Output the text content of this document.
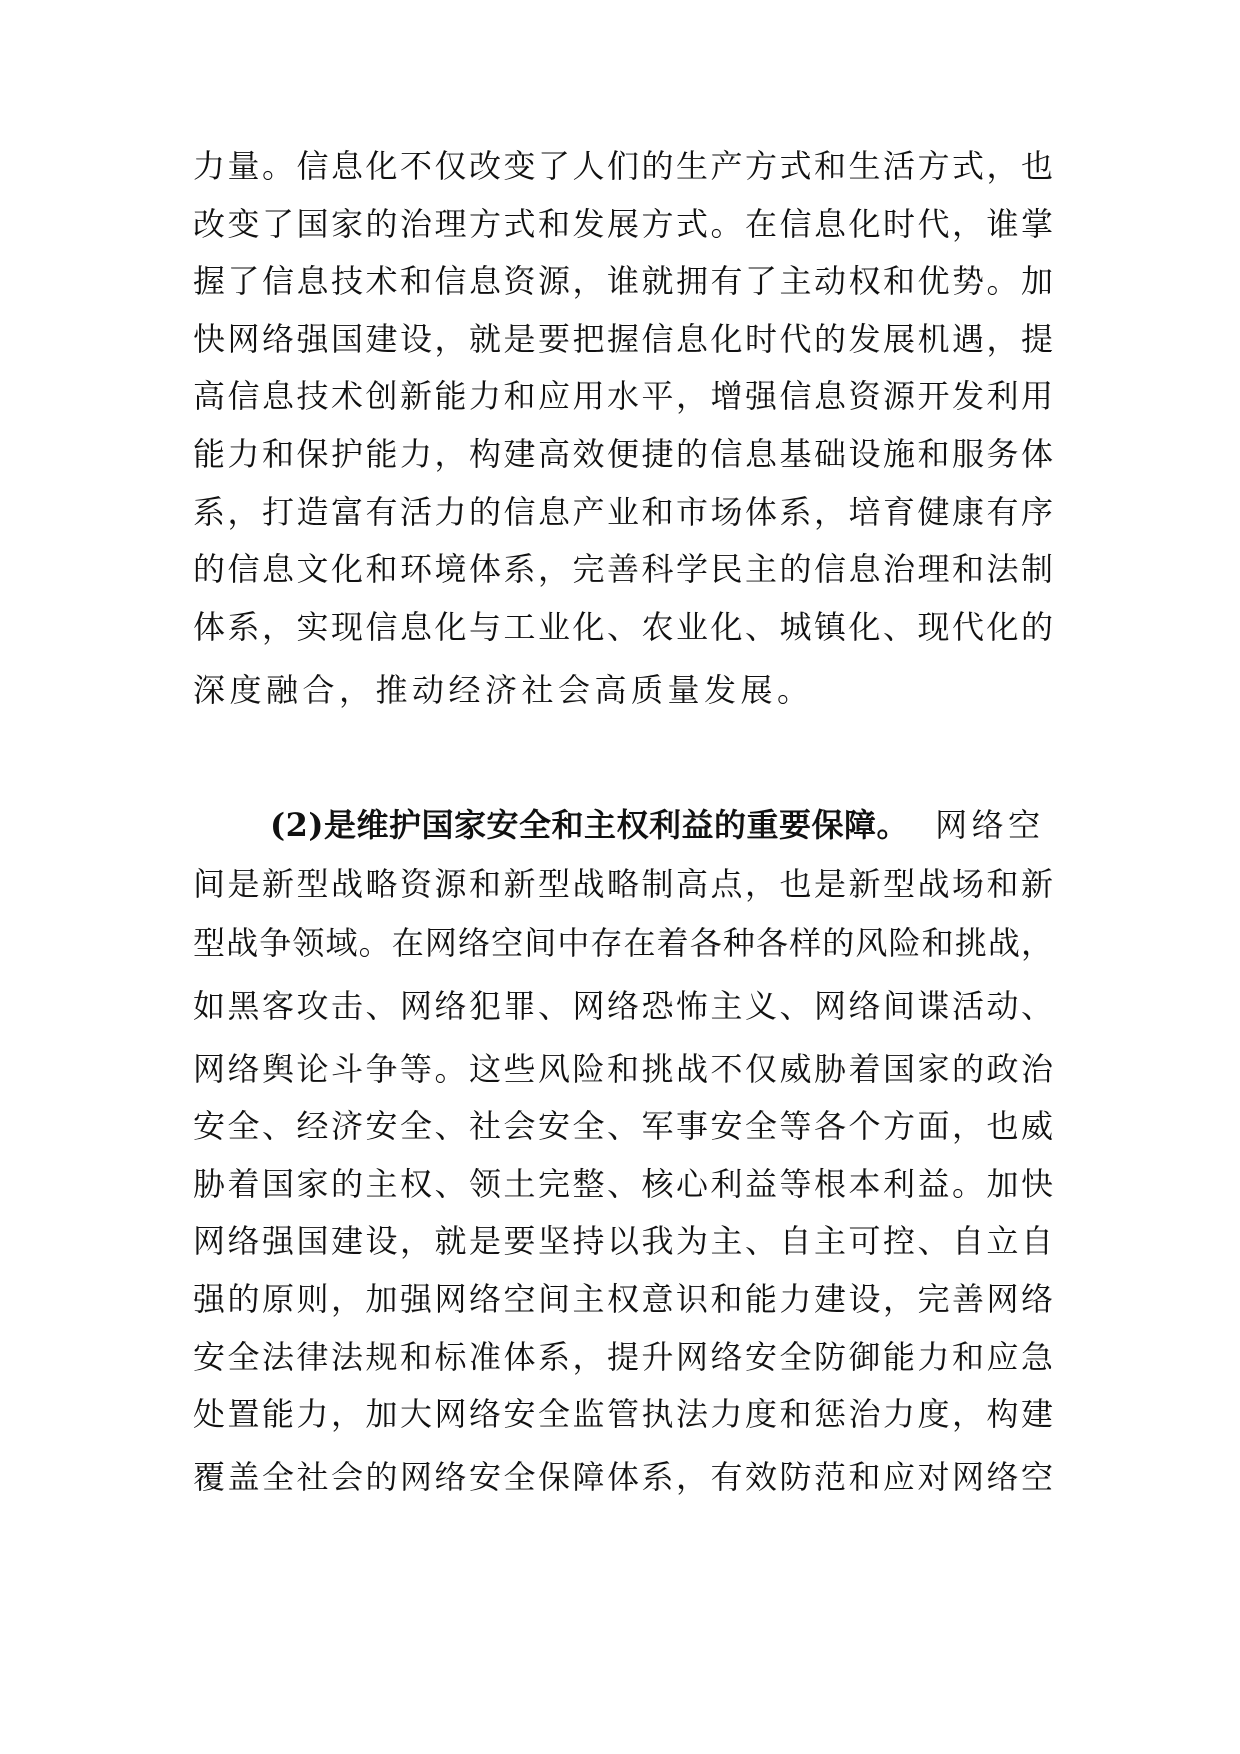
力量。信息化不仅改变了人们的生产方式和生活方式，也
改变了国家的治理方式和发展方式。在信息化时代，谁掌
握了信息技术和信息资源，谁就拥有了主动权和优势。加
快网络强国建设，就是要把握信息化时代的发展机遇，提
高信息技术创新能力和应用水平，增强信息资源开发利用
能力和保护能力，构建高效便捷的信息基础设施和服务体
系，打造富有活力的信息产业和市场体系，培育健康有序
的信息文化和环境体系，完善科学民主的信息治理和法制
体系，实现信息化与工业化、农业化、城镇化、现代化的
深度融合，推动经济社会高质量发展。
(2)是维护国家安全和主权利益的重要保障。 网络空
间是新型战略资源和新型战略制高点，也是新型战场和新
型战争领域。在网络空间中存在着各种各样的风险和挑战，
如黑客攻击、网络犯罪、网络恐怖主义、网络间谍活动、
网络舆论斗争等。这些风险和挑战不仅威胁着国家的政治
安全、经济安全、社会安全、军事安全等各个方面，也威
胁着国家的主权、领土完整、核心利益等根本利益。加快
网络强国建设，就是要坚持以我为主、自主可控、自立自
强的原则，加强网络空间主权意识和能力建设，完善网络
安全法律法规和标准体系，提升网络安全防御能力和应急
处置能力，加大网络安全监管执法力度和惩治力度，构建
覆盖全社会的网络安全保障体系，有效防范和应对网络空
